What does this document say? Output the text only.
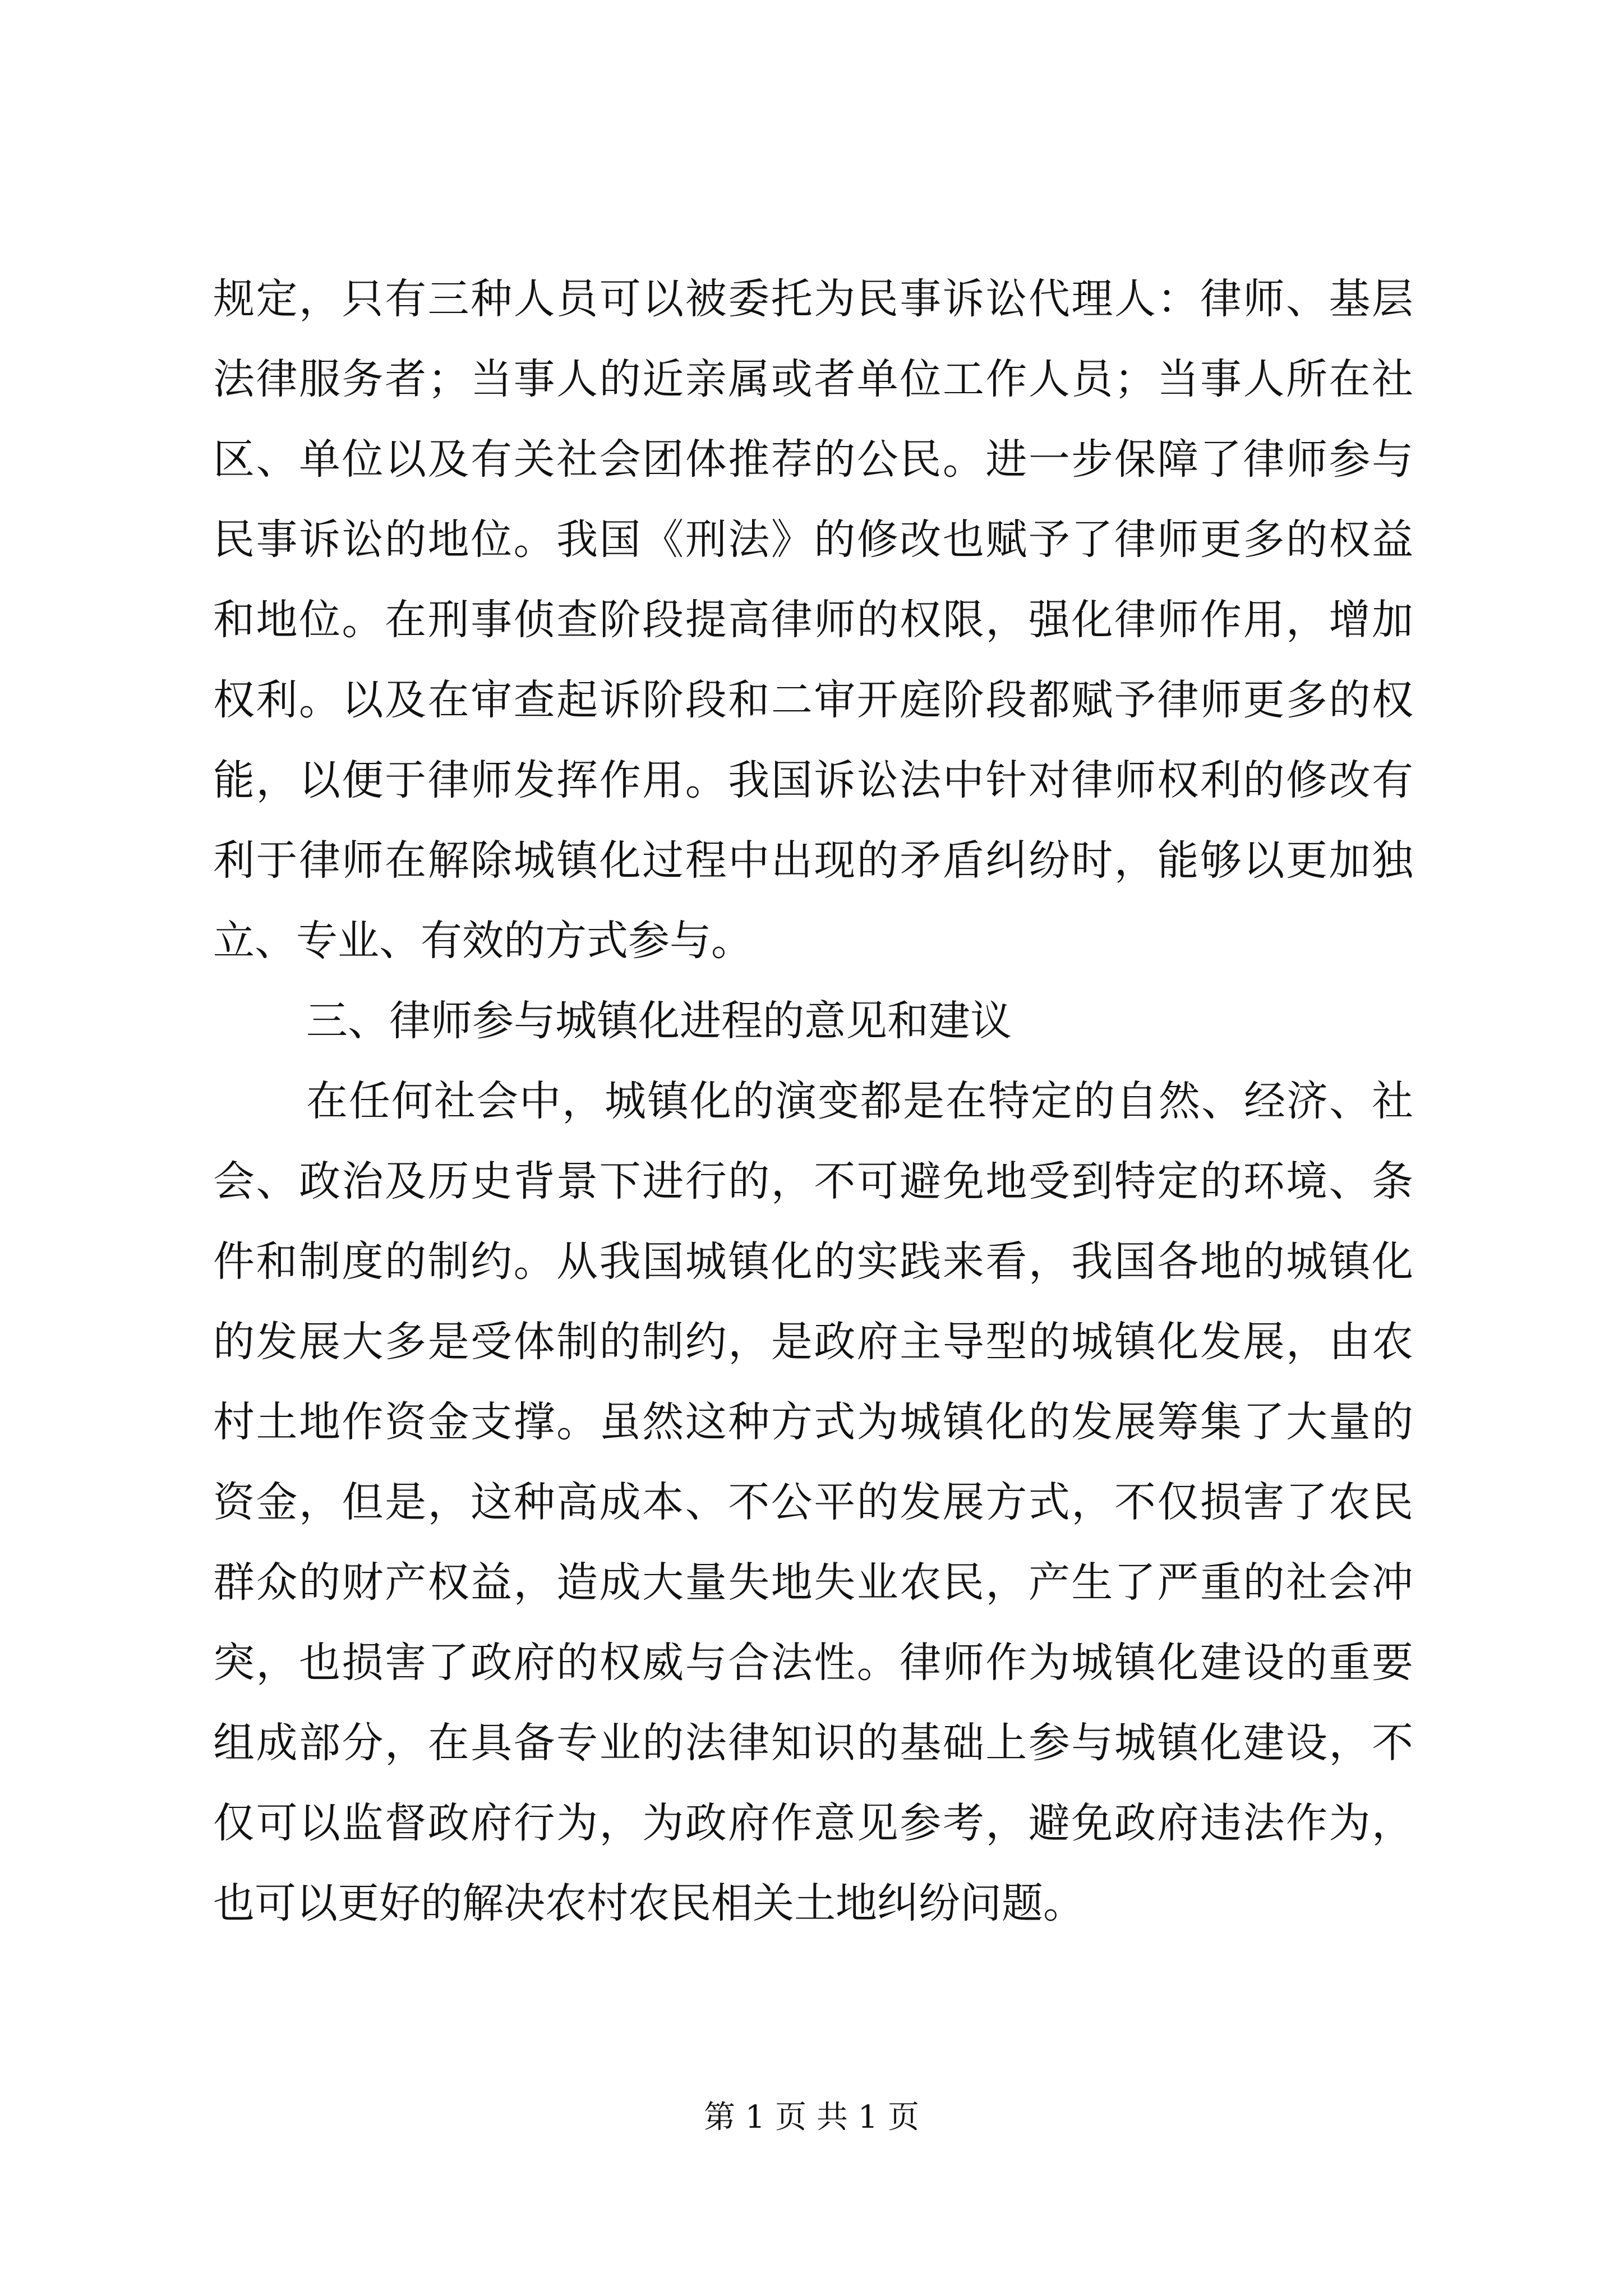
规定，只有三种人员可以被委托为民事诉讼代理人：律师、基层
法律服务者；当事人的近亲属或者单位工作人员；当事人所在社
区、单位以及有关社会团体推荐的公民。进一步保障了律师参与
民事诉讼的地位。我国《刑法》的修改也赋予了律师更多的权益
和地位。在刑事侦查阶段提高律师的权限，强化律师作用，增加
权利。以及在审查起诉阶段和二审开庭阶段都赋予律师更多的权
能，以便于律师发挥作用。我国诉讼法中针对律师权利的修改有
利于律师在解除城镇化过程中出现的矛盾纠纷时，能够以更加独
立、专业、有效的方式参与。
三、律师参与城镇化进程的意见和建议
在任何社会中，城镇化的演变都是在特定的自然、经济、社
会、政治及历史背景下进行的，不可避免地受到特定的环境、条
件和制度的制约。从我国城镇化的实践来看，我国各地的城镇化
的发展大多是受体制的制约，是政府主导型的城镇化发展，由农
村土地作资金支撑。虽然这种方式为城镇化的发展筹集了大量的
资金，但是，这种高成本、不公平的发展方式，不仅损害了农民
群众的财产权益，造成大量失地失业农民，产生了严重的社会冲
突，也损害了政府的权威与合法性。律师作为城镇化建设的重要
组成部分，在具备专业的法律知识的基础上参与城镇化建设，不
仅可以监督政府行为，为政府作意见参考，避免政府违法作为，
也可以更好的解决农村农民相关土地纠纷问题。
第 1 页 共 1 页
